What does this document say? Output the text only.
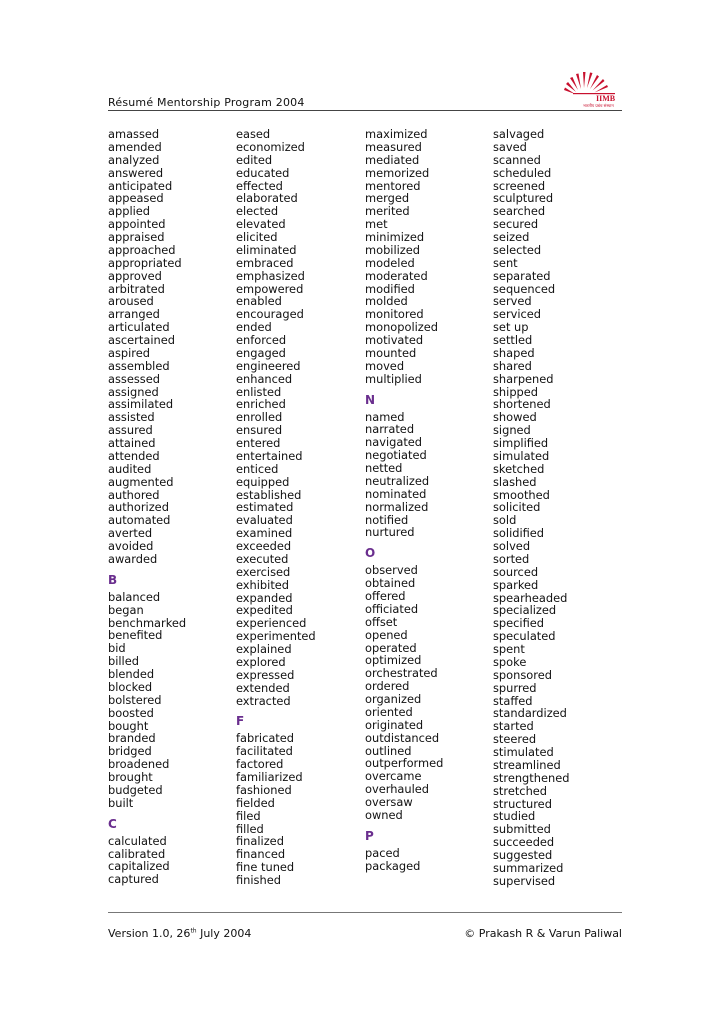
IIMB
भारतीय प्रबंध संस्थान
Résumé Mentorship Program 2004
amassed
amended
analyzed
answered
anticipated
appeased
applied
appointed
appraised
approached
appropriated
approved
arbitrated
aroused
arranged
articulated
ascertained
aspired
assembled
assessed
assigned
assimilated
assisted
assured
attained
attended
audited
augmented
authored
authorized
automated
averted
avoided
awarded
B
balanced
began
benchmarked
benefited
bid
billed
blended
blocked
bolstered
boosted
bought
branded
bridged
broadened
brought
budgeted
built
C
calculated
calibrated
capitalized
captured
eased
economized
edited
educated
effected
elaborated
elected
elevated
elicited
eliminated
embraced
emphasized
empowered
enabled
encouraged
ended
enforced
engaged
engineered
enhanced
enlisted
enriched
enrolled
ensured
entered
entertained
enticed
equipped
established
estimated
evaluated
examined
exceeded
executed
exercised
exhibited
expanded
expedited
experienced
experimented
explained
explored
expressed
extended
extracted
F
fabricated
facilitated
factored
familiarized
fashioned
fielded
filed
filled
finalized
financed
fine tuned
finished
maximized
measured
mediated
memorized
mentored
merged
merited
met
minimized
mobilized
modeled
moderated
modified
molded
monitored
monopolized
motivated
mounted
moved
multiplied
N
named
narrated
navigated
negotiated
netted
neutralized
nominated
normalized
notified
nurtured
O
observed
obtained
offered
officiated
offset
opened
operated
optimized
orchestrated
ordered
organized
oriented
originated
outdistanced
outlined
outperformed
overcame
overhauled
oversaw
owned
P
paced
packaged
salvaged
saved
scanned
scheduled
screened
sculptured
searched
secured
seized
selected
sent
separated
sequenced
served
serviced
set up
settled
shaped
shared
sharpened
shipped
shortened
showed
signed
simplified
simulated
sketched
slashed
smoothed
solicited
sold
solidified
solved
sorted
sourced
sparked
spearheaded
specialized
specified
speculated
spent
spoke
sponsored
spurred
staffed
standardized
started
steered
stimulated
streamlined
strengthened
stretched
structured
studied
submitted
succeeded
suggested
summarized
supervised
Version 1.0, 26th July 2004	© Prakash R & Varun Paliwal
